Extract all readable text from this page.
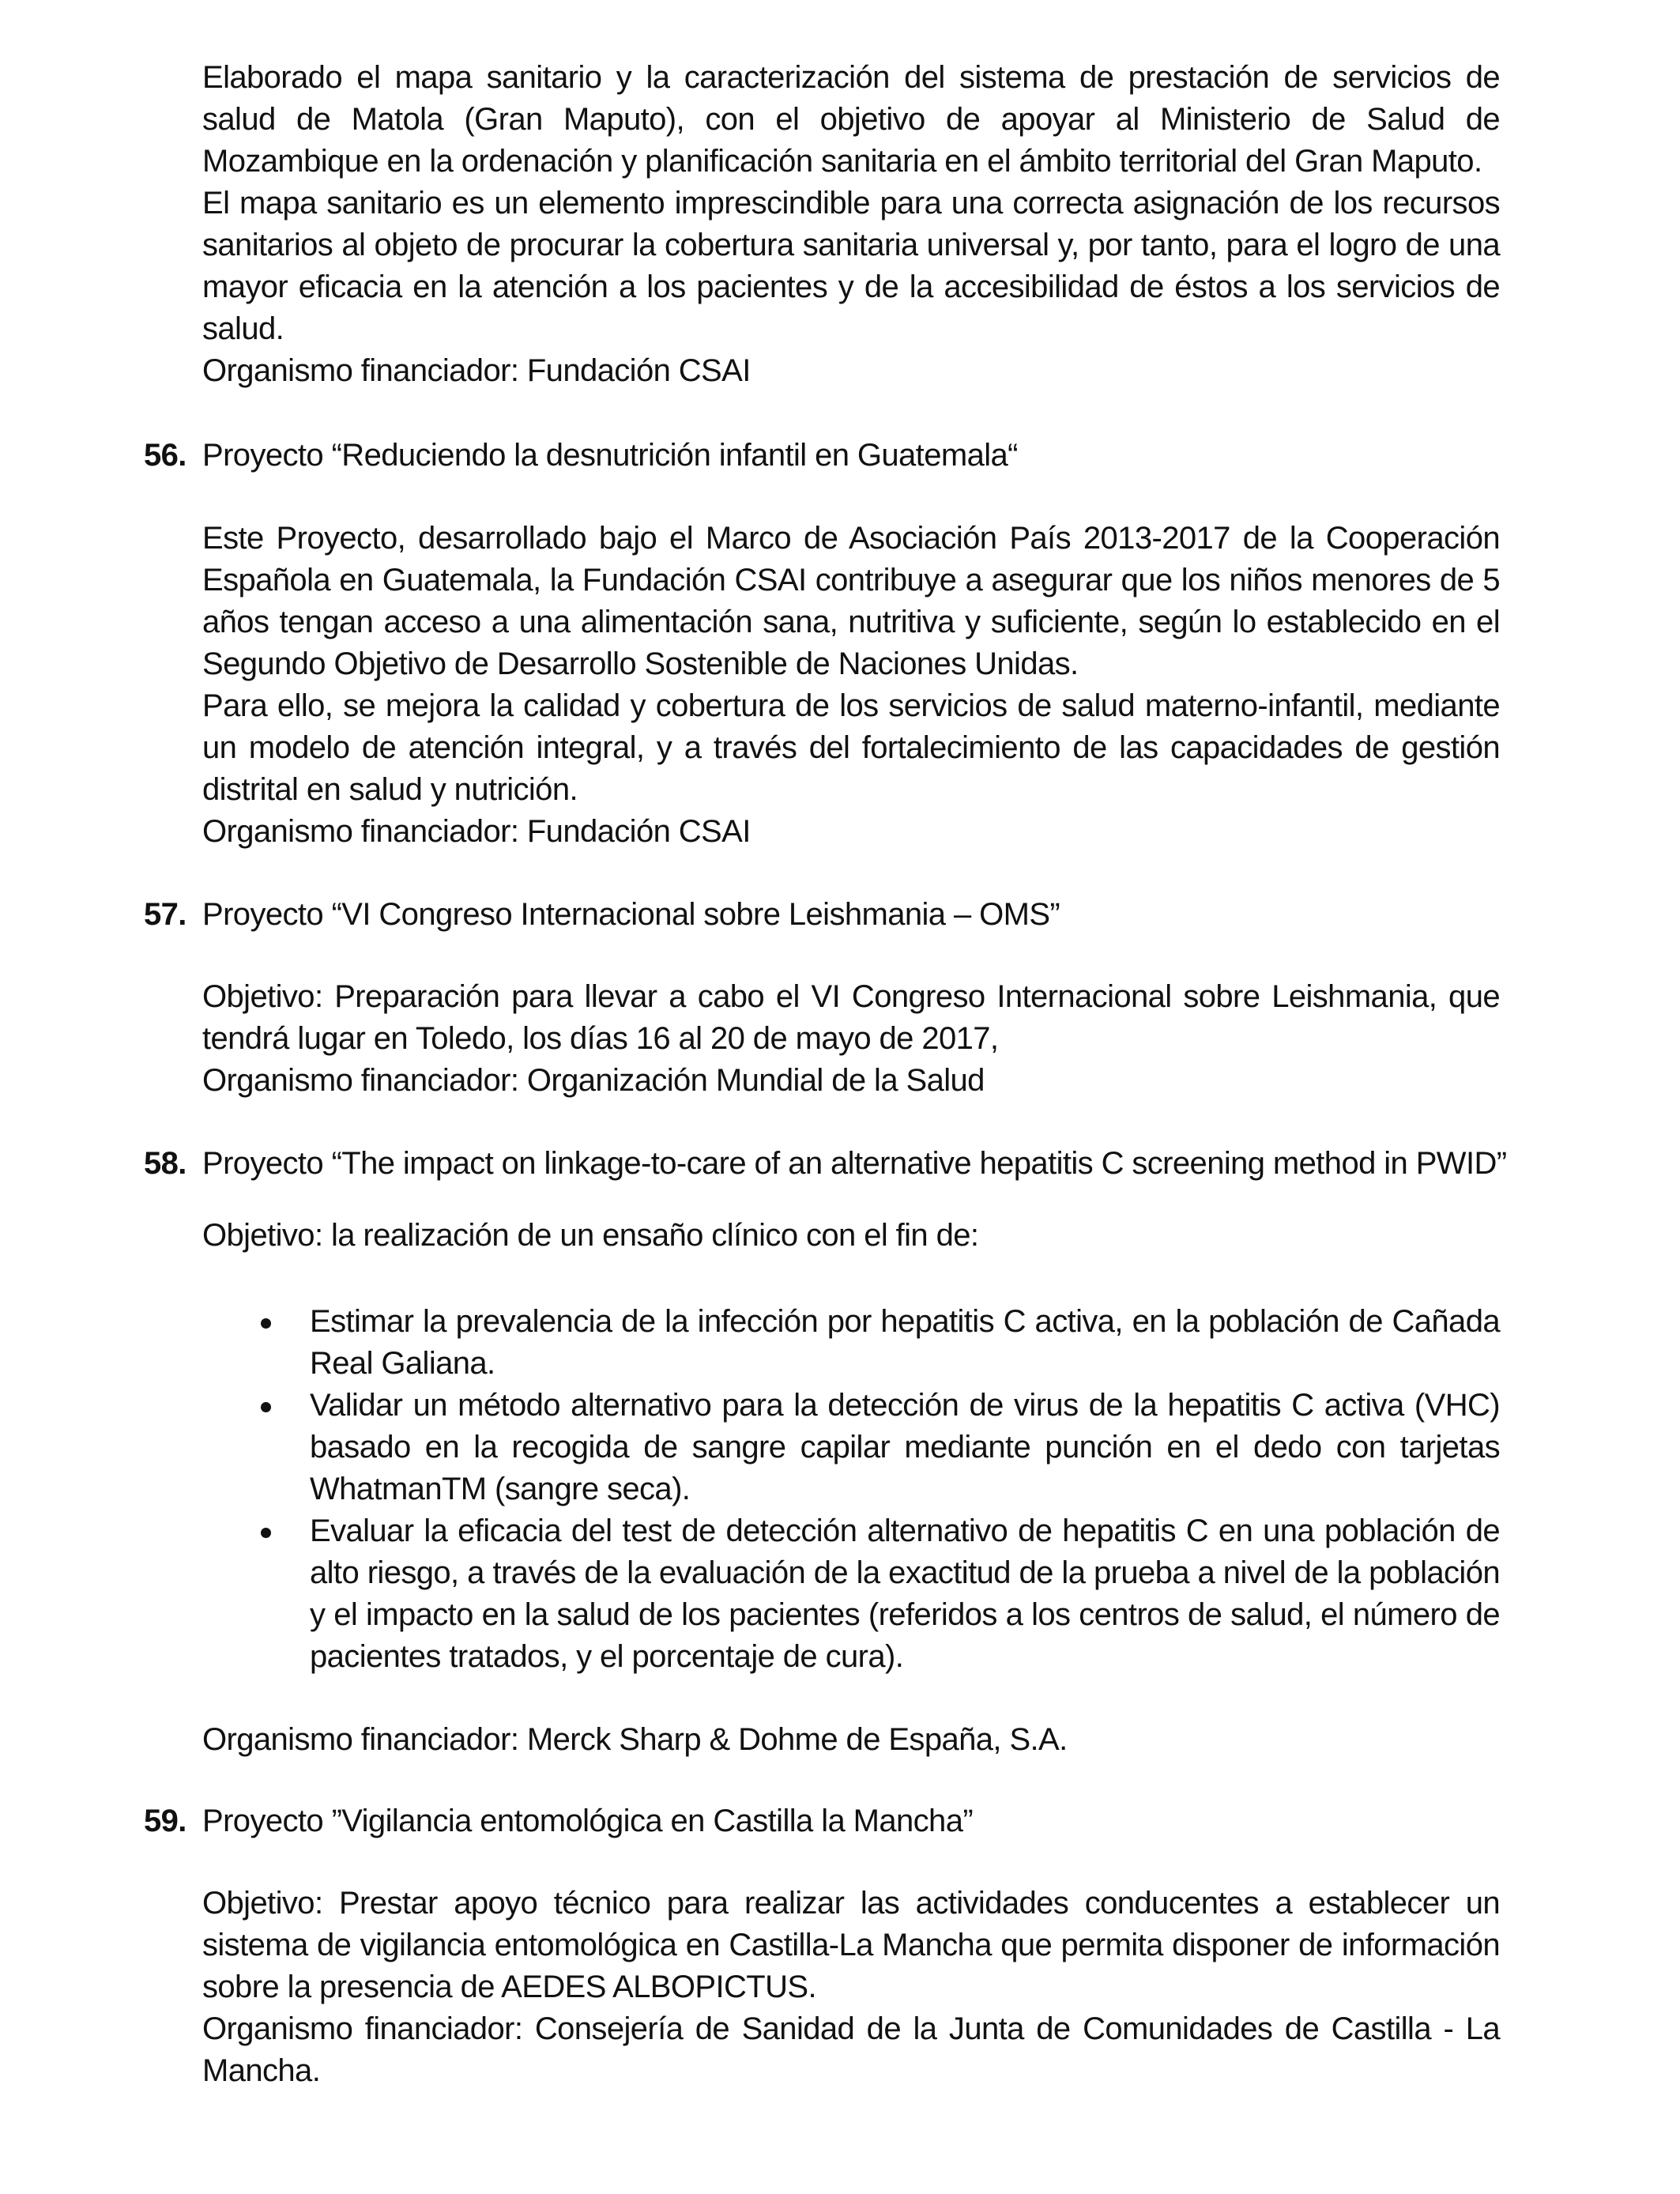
Elaborado el mapa sanitario y la caracterización del sistema de prestación de servicios de salud de Matola (Gran Maputo), con el objetivo de apoyar al Ministerio de Salud de Mozambique en la ordenación y planificación sanitaria en el ámbito territorial del Gran Maputo.

El mapa sanitario es un elemento imprescindible para una correcta asignación de los recursos sanitarios al objeto de procurar la cobertura sanitaria universal y, por tanto, para el logro de una mayor eficacia en la atención a los pacientes y de la accesibilidad de éstos a los servicios de salud.

Organismo financiador: Fundación CSAI

56. Proyecto “Reduciendo la desnutrición infantil en Guatemala“

Este Proyecto, desarrollado bajo el Marco de Asociación País 2013-2017 de la Cooperación Española en Guatemala, la Fundación CSAI contribuye a asegurar que los niños menores de 5 años tengan acceso a una alimentación sana, nutritiva y suficiente, según lo establecido en el Segundo Objetivo de Desarrollo Sostenible de Naciones Unidas.

Para ello, se mejora la calidad y cobertura de los servicios de salud materno-infantil, mediante un modelo de atención integral, y a través del fortalecimiento de las capacidades de gestión distrital en salud y nutrición.

Organismo financiador: Fundación CSAI

57. Proyecto “VI Congreso Internacional sobre Leishmania – OMS”

Objetivo: Preparación para llevar a cabo el VI Congreso Internacional sobre Leishmania, que tendrá lugar en Toledo, los días 16 al 20 de mayo de 2017,

Organismo financiador: Organización Mundial de la Salud

58. Proyecto “The impact on linkage-to-care of an alternative hepatitis C screening method in PWID”

Objetivo: la realización de un ensaño clínico con el fin de:

Estimar la prevalencia de la infección por hepatitis C activa, en la población de Cañada Real Galiana.
Validar un método alternativo para la detección de virus de la hepatitis C activa (VHC) basado en la recogida de sangre capilar mediante punción en el dedo con tarjetas WhatmanTM (sangre seca).
Evaluar la eficacia del test de detección alternativo de hepatitis C en una población de alto riesgo, a través de la evaluación de la exactitud de la prueba a nivel de la población y el impacto en la salud de los pacientes (referidos a los centros de salud, el número de pacientes tratados, y el porcentaje de cura).

Organismo financiador: Merck Sharp & Dohme de España, S.A.

59. Proyecto ”Vigilancia entomológica en Castilla la Mancha”

Objetivo: Prestar apoyo técnico para realizar las actividades conducentes a establecer un sistema de vigilancia entomológica en Castilla-La Mancha que permita disponer de información sobre la presencia de AEDES ALBOPICTUS.

Organismo financiador: Consejería de Sanidad de la Junta de Comunidades de Castilla - La Mancha.
